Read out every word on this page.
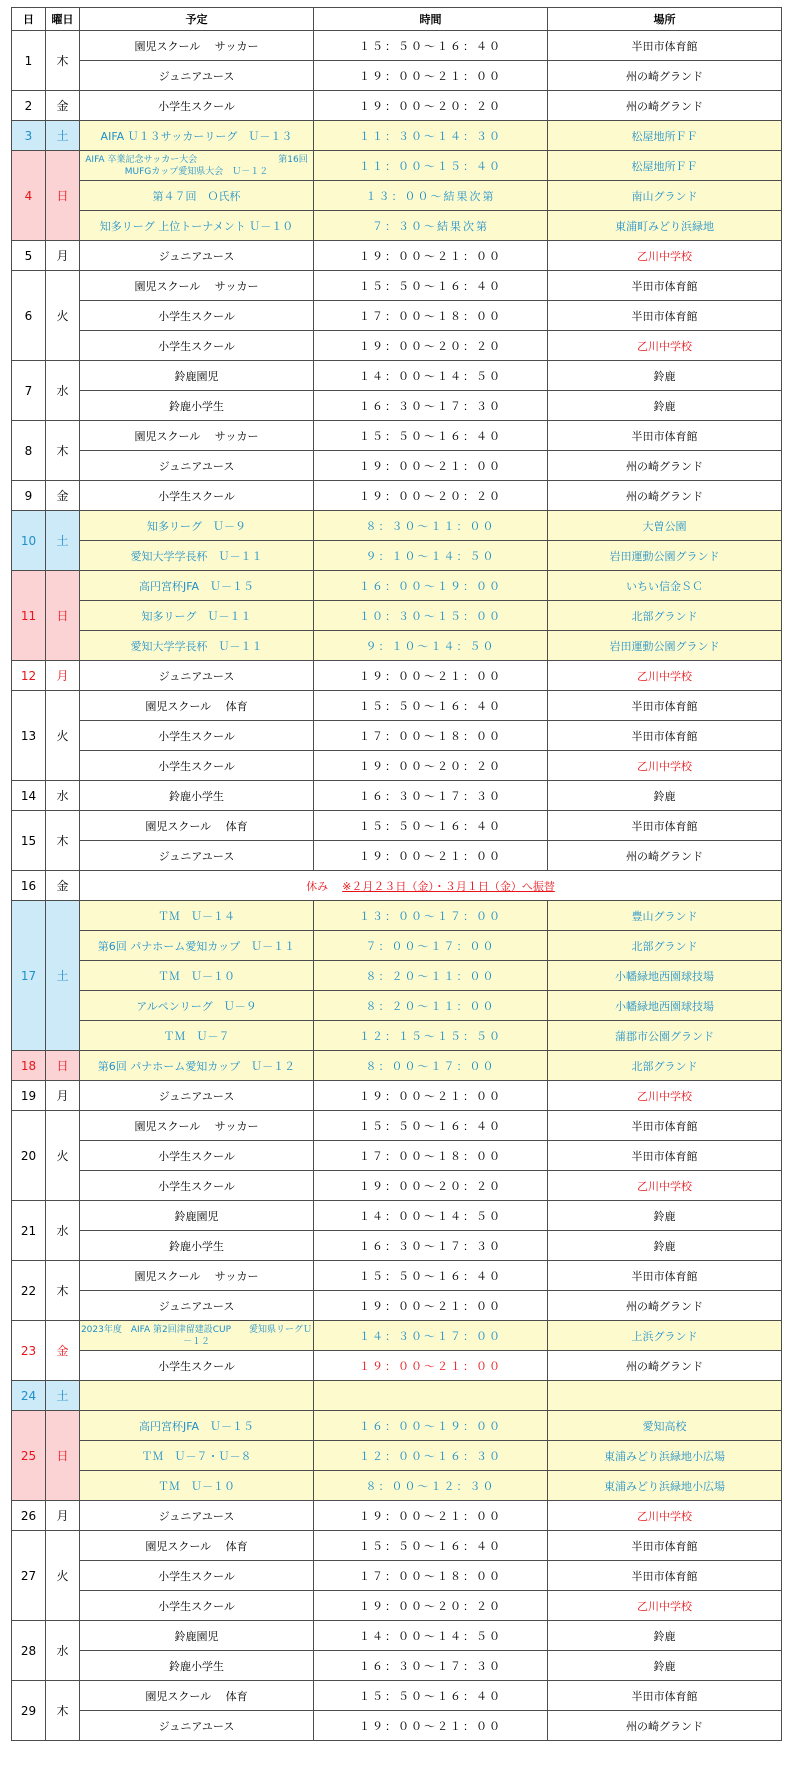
日	曜日	予定	時間	場所
1	木	園児スクール　 サッカー	１５：５０～１６：４０	半田市体育館
		ジュニアユース	１９：００～２１：００	州の崎グランド
2	金	小学生スクール	１９：００～２０：２０	州の崎グランド
3	土	AIFA Ｕ１３サッカーリーグ　Ｕ－１３	１１：３０～１４：３０	松屋地所ＦＦ
4	日	AIFA 卒業記念サッカー大会　　　　　　　　　第16回MUFGカップ愛知県大会　Ｕ－１２	１１：００～１５：４０	松屋地所ＦＦ
		第４７回　Ｏ氏杯	１３：００～結果次第	南山グランド
		知多リーグ 上位トーナメント Ｕ－１０	７：３０～結果次第	東浦町みどり浜緑地
5	月	ジュニアユース	１９：００～２１：００	乙川中学校
6	火	園児スクール　 サッカー	１５：５０～１６：４０	半田市体育館
		小学生スクール	１７：００～１８：００	半田市体育館
		小学生スクール	１９：００～２０：２０	乙川中学校
7	水	鈴鹿園児	１４：００～１４：５０	鈴鹿
		鈴鹿小学生	１６：３０～１７：３０	鈴鹿
8	木	園児スクール　 サッカー	１５：５０～１６：４０	半田市体育館
		ジュニアユース	１９：００～２１：００	州の崎グランド
9	金	小学生スクール	１９：００～２０：２０	州の崎グランド
10	土	知多リーグ　Ｕ－９	８：３０～１１：００	大曽公園
		愛知大学学長杯　Ｕ－１１	９：１０～１４：５０	岩田運動公園グランド
11	日	高円宮杯JFA　Ｕ－１５	１６：００～１９：００	いちい信金ＳＣ
		知多リーグ　Ｕ－１１	１０：３０～１５：００	北部グランド
		愛知大学学長杯　Ｕ－１１	９：１０～１４：５０	岩田運動公園グランド
12	月	ジュニアユース	１９：００～２１：００	乙川中学校
13	火	園児スクール　 体育	１５：５０～１６：４０	半田市体育館
		小学生スクール	１７：００～１８：００	半田市体育館
		小学生スクール	１９：００～２０：２０	乙川中学校
14	水	鈴鹿小学生	１６：３０～１７：３０	鈴鹿
15	木	園児スクール　 体育	１５：５０～１６：４０	半田市体育館
		ジュニアユース	１９：００～２１：００	州の崎グランド
16	金	休み ※２月２３日（金）・３月１日（金）へ振替		
17	土	ＴＭ　Ｕ－１４	１３：００～１７：００	豊山グランド
		第6回 パナホーム愛知カップ　Ｕ－１１	７：００～１７：００	北部グランド
		ＴＭ　Ｕ－１０	８：２０～１１：００	小幡緑地西園球技場
		アルペンリーグ　Ｕ－９	８：２０～１１：００	小幡緑地西園球技場
		ＴＭ　Ｕ－７	１２：１５～１５：５０	蒲郡市公園グランド
18	日	第6回 パナホーム愛知カップ　Ｕ－１２	８：００～１７：００	北部グランド
19	月	ジュニアユース	１９：００～２１：００	乙川中学校
20	火	園児スクール　 サッカー	１５：５０～１６：４０	半田市体育館
		小学生スクール	１７：００～１８：００	半田市体育館
		小学生スクール	１９：００～２０：２０	乙川中学校
21	水	鈴鹿園児	１４：００～１４：５０	鈴鹿
		鈴鹿小学生	１６：３０～１７：３０	鈴鹿
22	木	園児スクール　 サッカー	１５：５０～１６：４０	半田市体育館
		ジュニアユース	１９：００～２１：００	州の崎グランド
23	金	2023年度　AIFA 第2回津留建設CUP　　愛知県リーグＵ－１２	１４：３０～１７：００	上浜グランド
		小学生スクール	１９：００～２１：００	州の崎グランド
24	土			
25	日	高円宮杯JFA　Ｕ－１５	１６：００～１９：００	愛知高校
		ＴＭ　Ｕ－７・Ｕ－８	１２：００～１６：３０	東浦みどり浜緑地小広場
		ＴＭ　Ｕ－１０	８：００～１２：３０	東浦みどり浜緑地小広場
26	月	ジュニアユース	１９：００～２１：００	乙川中学校
27	火	園児スクール　 体育	１５：５０～１６：４０	半田市体育館
		小学生スクール	１７：００～１８：００	半田市体育館
		小学生スクール	１９：００～２０：２０	乙川中学校
28	水	鈴鹿園児	１４：００～１４：５０	鈴鹿
		鈴鹿小学生	１６：３０～１７：３０	鈴鹿
29	木	園児スクール　 体育	１５：５０～１６：４０	半田市体育館
		ジュニアユース	１９：００～２１：００	州の崎グランド
